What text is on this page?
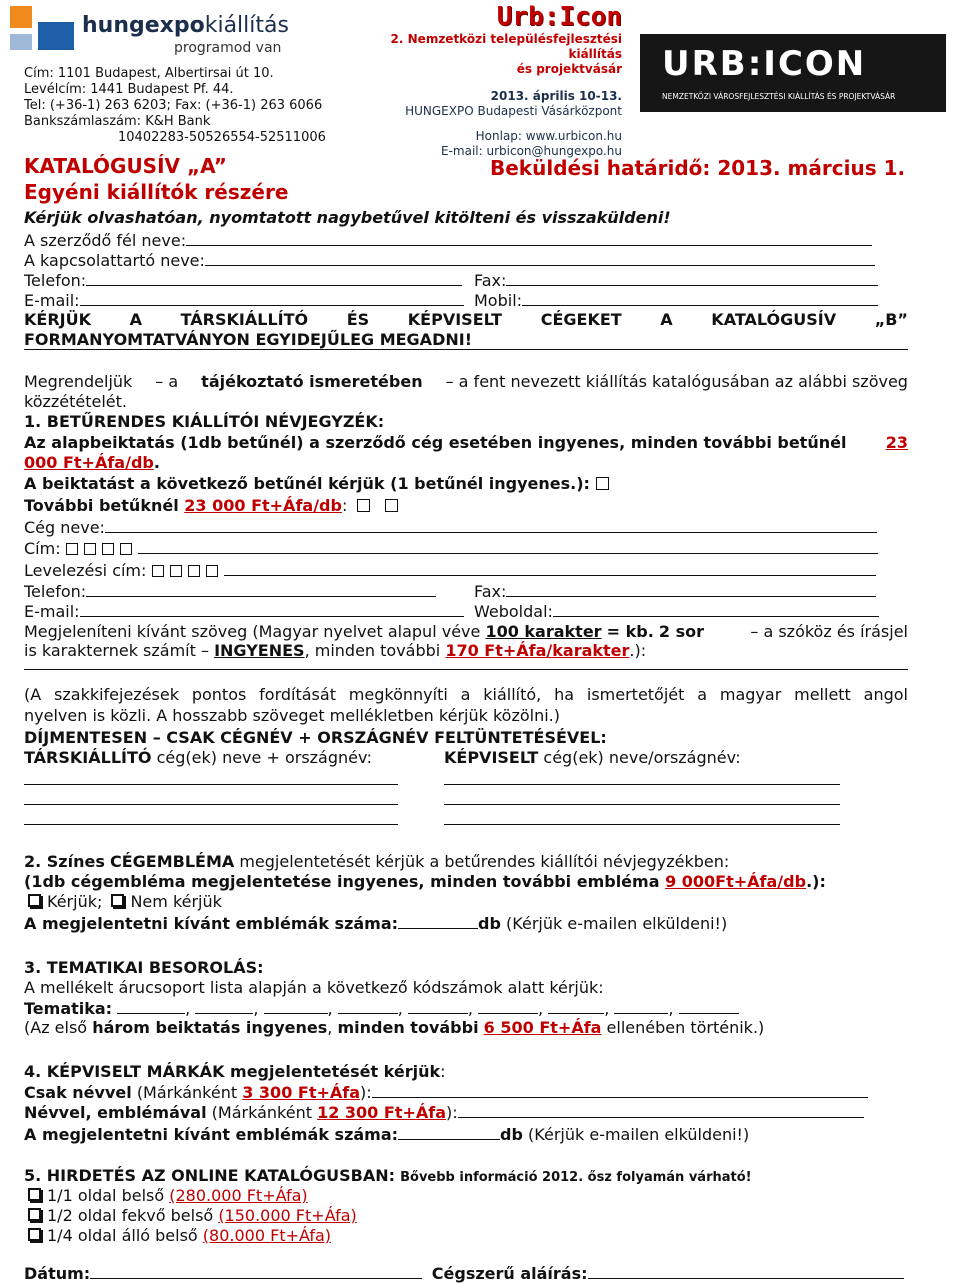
hungexpokiállítás
programod van
Cím: 1101 Budapest, Albertirsai út 10.
Levélcím: 1441 Budapest Pf. 44.
Tel: (+36-1) 263 6203; Fax: (+36-1) 263 6066
Bankszámlaszám: K&H Bank
10402283-50526554-52511006
Urb:Icon
2. Nemzetközi településfejlesztési kiállítás
és projektvásár
2013. április 10-13.
HUNGEXPO Budapesti Vásárközpont
Honlap: www.urbicon.hu
E-mail: urbicon@hungexpo.hu
URB:ICON
NEMZETKÖZI VÁROSFEJLESZTÉSI KIÁLLÍTÁS ÉS PROJEKTVÁSÁR
KATALÓGUSÍV „A”
Egyéni kiállítók részére
Beküldési határidő: 2013. március 1.
Kérjük olvashatóan, nyomtatott nagybetűvel kitölteni és visszaküldeni!
A szerződő fél neve:
A kapcsolattartó neve:
Telefon:	Fax:
E-mail:	Mobil:
KÉRJÜK A TÁRSKIÁLLÍTÓ ÉS KÉPVISELT CÉGEKET A KATALÓGUSÍV „B”
FORMANYOMTATVÁNYON EGYIDEJŰLEG MEGADNI!
Megrendeljük – a tájékoztató ismeretében – a fent nevezett kiállítás katalógusában az alábbi szöveg
közzétételét.
1. BETŰRENDES KIÁLLÍTÓI NÉVJEGYZÉK:
Az alapbeiktatás (1db betűnél) a szerződő cég esetében ingyenes, minden további betűnél 23
000 Ft+Áfa/db.
A beiktatást a következő betűnél kérjük (1 betűnél ingyenes.):
További betűknél 23 000 Ft+Áfa/db:
Cég neve:
Cím:
Levelezési cím:
Telefon:	Fax:
E-mail:	Weboldal:
Megjeleníteni kívánt szöveg (Magyar nyelvet alapul véve 100 karakter = kb. 2 sor	– a szóköz és írásjel
is karakternek számít – INGYENES, minden további 170 Ft+Áfa/karakter.):
(A szakkifejezések pontos fordítását megkönnyíti a kiállító, ha ismertetőjét a magyar mellett angol
nyelven is közli. A hosszabb szöveget mellékletben kérjük közölni.)
DÍJMENTESEN – CSAK CÉGNÉV + ORSZÁGNÉV FELTÜNTETÉSÉVEL:
TÁRSKIÁLLÍTÓ cég(ek) neve + országnév:	KÉPVISELT cég(ek) neve/országnév:
2. Színes CÉGEMBLÉMA megjelentetését kérjük a betűrendes kiállítói névjegyzékben:
(1db cégembléma megjelentetése ingyenes, minden további embléma 9 000Ft+Áfa/db.):
Kérjük; Nem kérjük
A megjelentetni kívánt emblémák száma:	db (Kérjük e-mailen elküldeni!)
3. TEMATIKAI BESOROLÁS:
A mellékelt árucsoport lista alapján a következő kódszámok alatt kérjük:
Tematika:	,	,	,	,	,	,	,	,
(Az első három beiktatás ingyenes, minden további 6 500 Ft+Áfa ellenében történik.)
4. KÉPVISELT MÁRKÁK megjelentetését kérjük:
Csak névvel (Márkánként 3 300 Ft+Áfa):
Névvel, emblémával (Márkánként 12 300 Ft+Áfa):
A megjelentetni kívánt emblémák száma:	db (Kérjük e-mailen elküldeni!)
5. HIRDETÉS AZ ONLINE KATALÓGUSBAN: Bővebb információ 2012. ősz folyamán várható!
1/1 oldal belső (280.000 Ft+Áfa)
1/2 oldal fekvő belső (150.000 Ft+Áfa)
1/4 oldal álló belső (80.000 Ft+Áfa)
Dátum:	Cégszerű aláírás:
